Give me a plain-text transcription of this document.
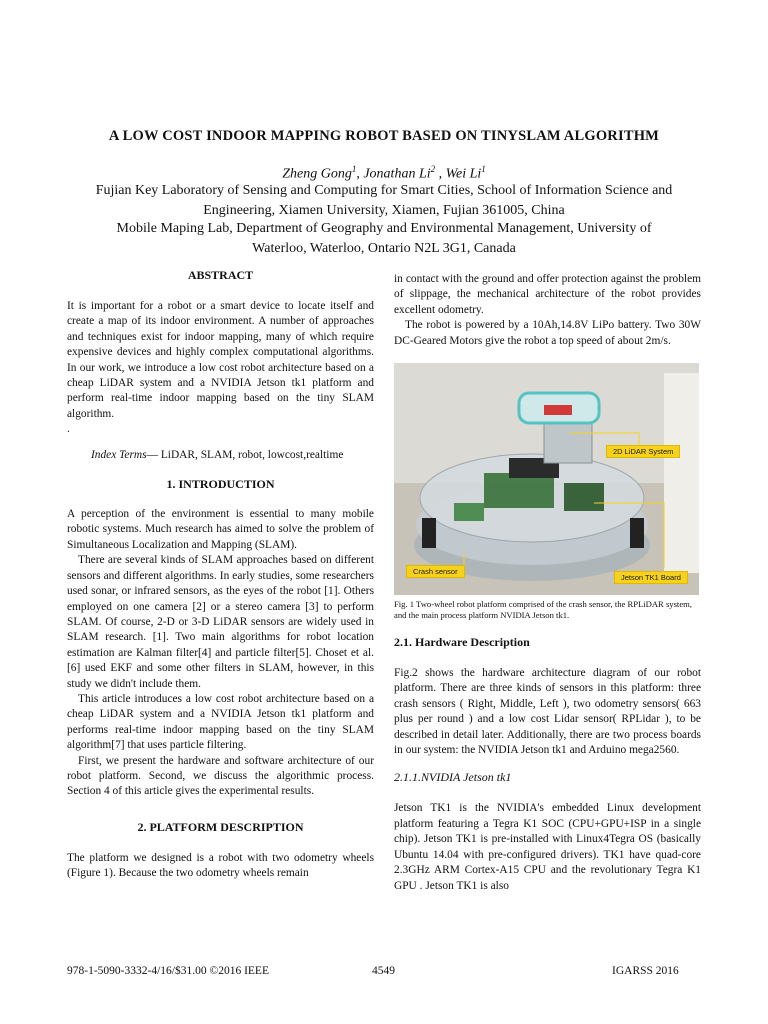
A LOW COST INDOOR MAPPING ROBOT BASED ON TINYSLAM ALGORITHM
Zheng Gong$^1$, Jonathan Li$^2$ , Wei Li$^1$
Fujian Key Laboratory of Sensing and Computing for Smart Cities, School of Information Science and
Engineering, Xiamen University, Xiamen, Fujian 361005, China
Mobile Maping Lab, Department of Geography and Environmental Management, University of
Waterloo, Waterloo, Ontario N2L 3G1, Canada

ABSTRACT

It is important for a robot or a smart device to locate itself and create a map of its indoor environment. A number of approaches and techniques exist for indoor mapping, many of which require expensive devices and highly complex computational algorithms. In our work, we introduce a low cost robot architecture based on a cheap LiDAR system and a NVIDIA Jetson tk1 platform and perform real-time indoor mapping based on the tiny SLAM algorithm.

.

Index Terms— LiDAR, SLAM, robot, lowcost,realtime

1. INTRODUCTION

A perception of the environment is essential to many mobile robotic systems. Much research has aimed to solve the problem of Simultaneous Localization and Mapping (SLAM).

There are several kinds of SLAM approaches based on different sensors and different algorithms. In early studies, some researchers used sonar, or infrared sensors, as the eyes of the robot [1]. Others employed on one camera [2] or a stereo camera [3] to perform SLAM. Of course, 2-D or 3-D LiDAR sensors are widely used in SLAM research. [1]. Two main algorithms for robot location estimation are Kalman filter[4] and particle filter[5]. Choset et al. [6] used EKF and some other filters in SLAM, however, in this study we didn't include them.

This article introduces a low cost robot architecture based on a cheap LiDAR system and a NVIDIA Jetson tk1 platform and performs real-time indoor mapping based on the tiny SLAM algorithm[7] that uses particle filtering.

First, we present the hardware and software architecture of our robot platform. Second, we discuss the algorithmic process. Section 4 of this article gives the experimental results.

2. PLATFORM DESCRIPTION

The platform we designed is a robot with two odometry wheels (Figure 1). Because the two odometry wheels remain

in contact with the ground and offer protection against the problem of slippage, the mechanical architecture of the robot provides excellent odometry.

The robot is powered by a 10Ah,14.8V LiPo battery. Two 30W DC-Geared Motors give the robot a top speed of about 2m/s.

2D LiDAR System
Crash sensor
Jetson TK1 Board

Fig. 1 Two-wheel robot platform comprised of the crash sensor, the RPLiDAR system, and the main process platform NVIDIA Jetson tk1.

2.1. Hardware Description

Fig.2 shows the hardware architecture diagram of our robot platform. There are three kinds of sensors in this platform: three crash sensors ( Right, Middle, Left ), two odometry sensors( 663 plus per round ) and a low cost Lidar sensor( RPLidar ), to be described in detail later. Additionally, there are two process boards in our system: the NVIDIA Jetson tk1 and Arduino mega2560.

2.1.1.NVIDIA Jetson tk1

Jetson TK1 is the NVIDIA's embedded Linux development platform featuring a Tegra K1 SOC (CPU+GPU+ISP in a single chip). Jetson TK1 is pre-installed with Linux4Tegra OS (basically Ubuntu 14.04 with pre-configured drivers). TK1 have quad-core 2.3GHz ARM Cortex-A15 CPU and the revolutionary Tegra K1 GPU . Jetson TK1 is also

978-1-5090-3332-4/16/$31.00 ©2016 IEEE	4549	IGARSS 2016
